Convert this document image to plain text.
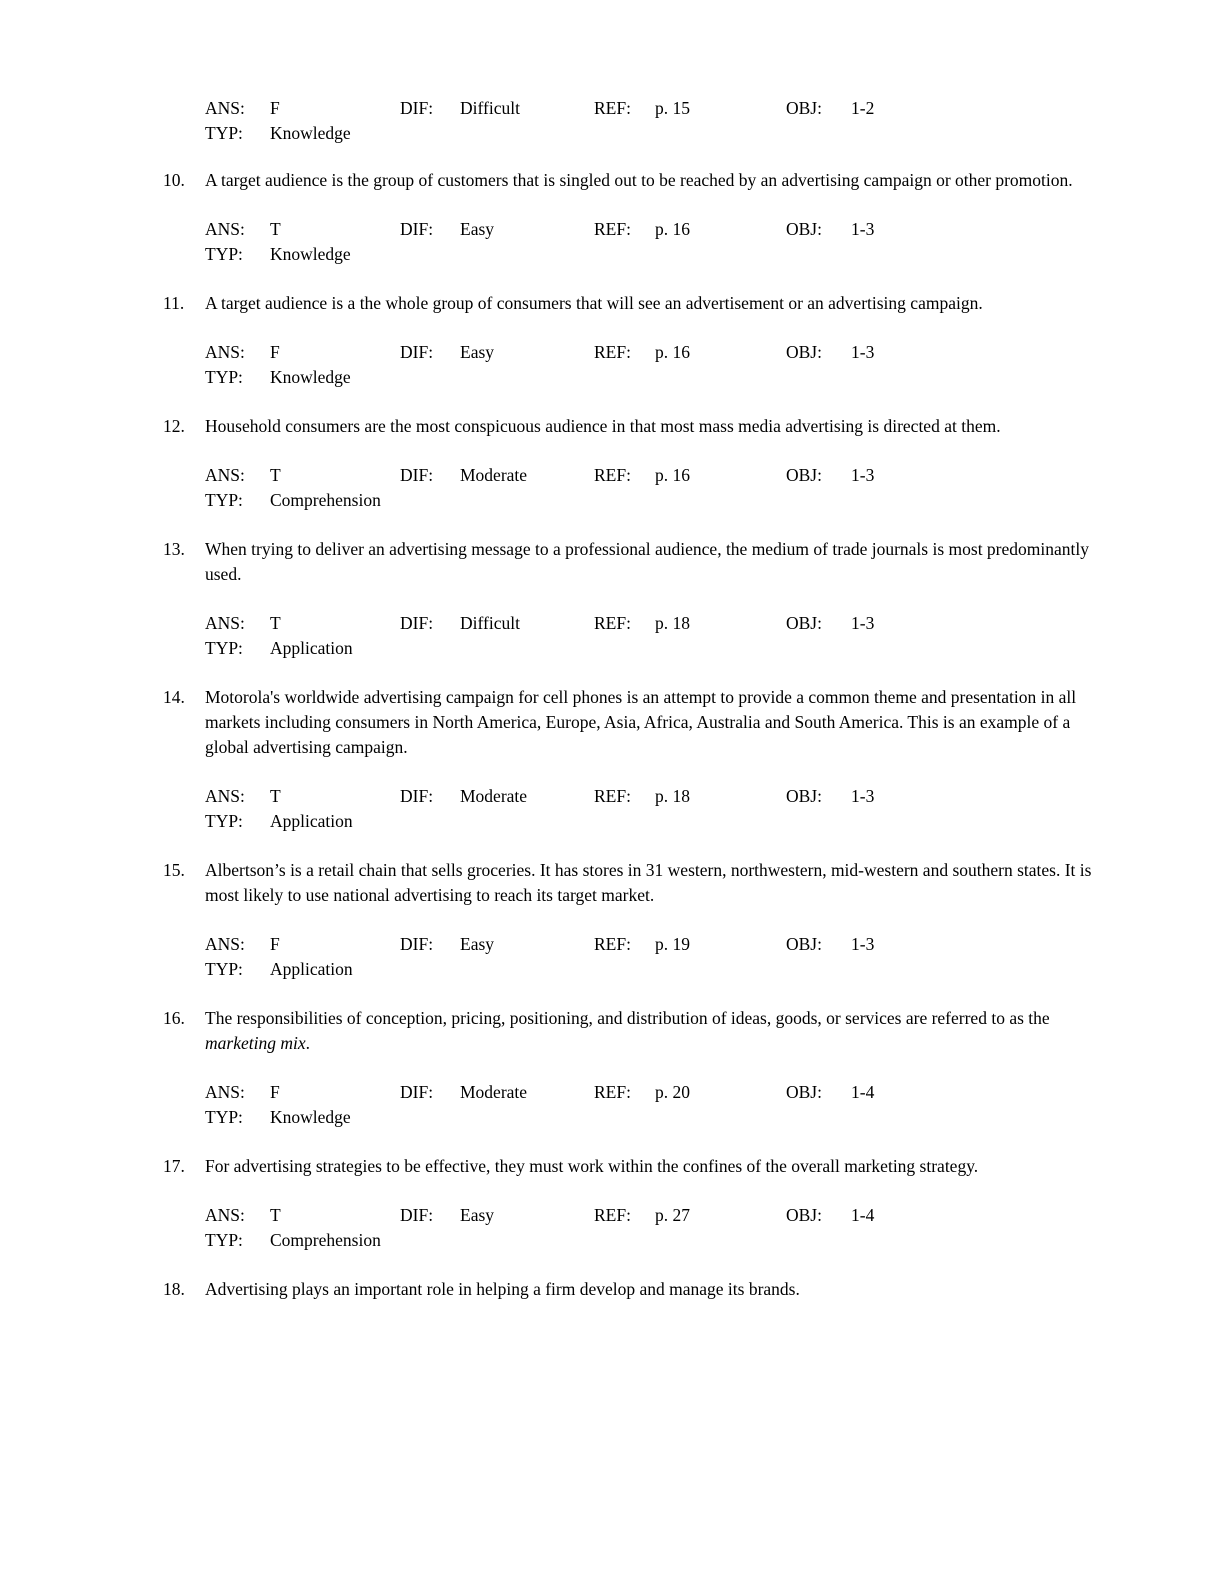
ANS: F	DIF: Difficult	REF: p. 15	OBJ: 1-2
TYP: Knowledge
10.	A target audience is the group of customers that is singled out to be reached by an advertising campaign or other promotion.
ANS: T	DIF: Easy	REF: p. 16	OBJ: 1-3
TYP: Knowledge
11.	A target audience is a the whole group of consumers that will see an advertisement or an advertising campaign.
ANS: F	DIF: Easy	REF: p. 16	OBJ: 1-3
TYP: Knowledge
12.	Household consumers are the most conspicuous audience in that most mass media advertising is directed at them.
ANS: T	DIF: Moderate	REF: p. 16	OBJ: 1-3
TYP: Comprehension
13.	When trying to deliver an advertising message to a professional audience, the medium of trade journals is most predominantly used.
ANS: T	DIF: Difficult	REF: p. 18	OBJ: 1-3
TYP: Application
14.	Motorola's worldwide advertising campaign for cell phones is an attempt to provide a common theme and presentation in all markets including consumers in North America, Europe, Asia, Africa, Australia and South America. This is an example of a global advertising campaign.
ANS: T	DIF: Moderate	REF: p. 18	OBJ: 1-3
TYP: Application
15.	Albertson’s is a retail chain that sells groceries. It has stores in 31 western, northwestern, mid-western and southern states. It is most likely to use national advertising to reach its target market.
ANS: F	DIF: Easy	REF: p. 19	OBJ: 1-3
TYP: Application
16.	The responsibilities of conception, pricing, positioning, and distribution of ideas, goods, or services are referred to as the marketing mix.
ANS: F	DIF: Moderate	REF: p. 20	OBJ: 1-4
TYP: Knowledge
17.	For advertising strategies to be effective, they must work within the confines of the overall marketing strategy.
ANS: T	DIF: Easy	REF: p. 27	OBJ: 1-4
TYP: Comprehension
18.	Advertising plays an important role in helping a firm develop and manage its brands.
